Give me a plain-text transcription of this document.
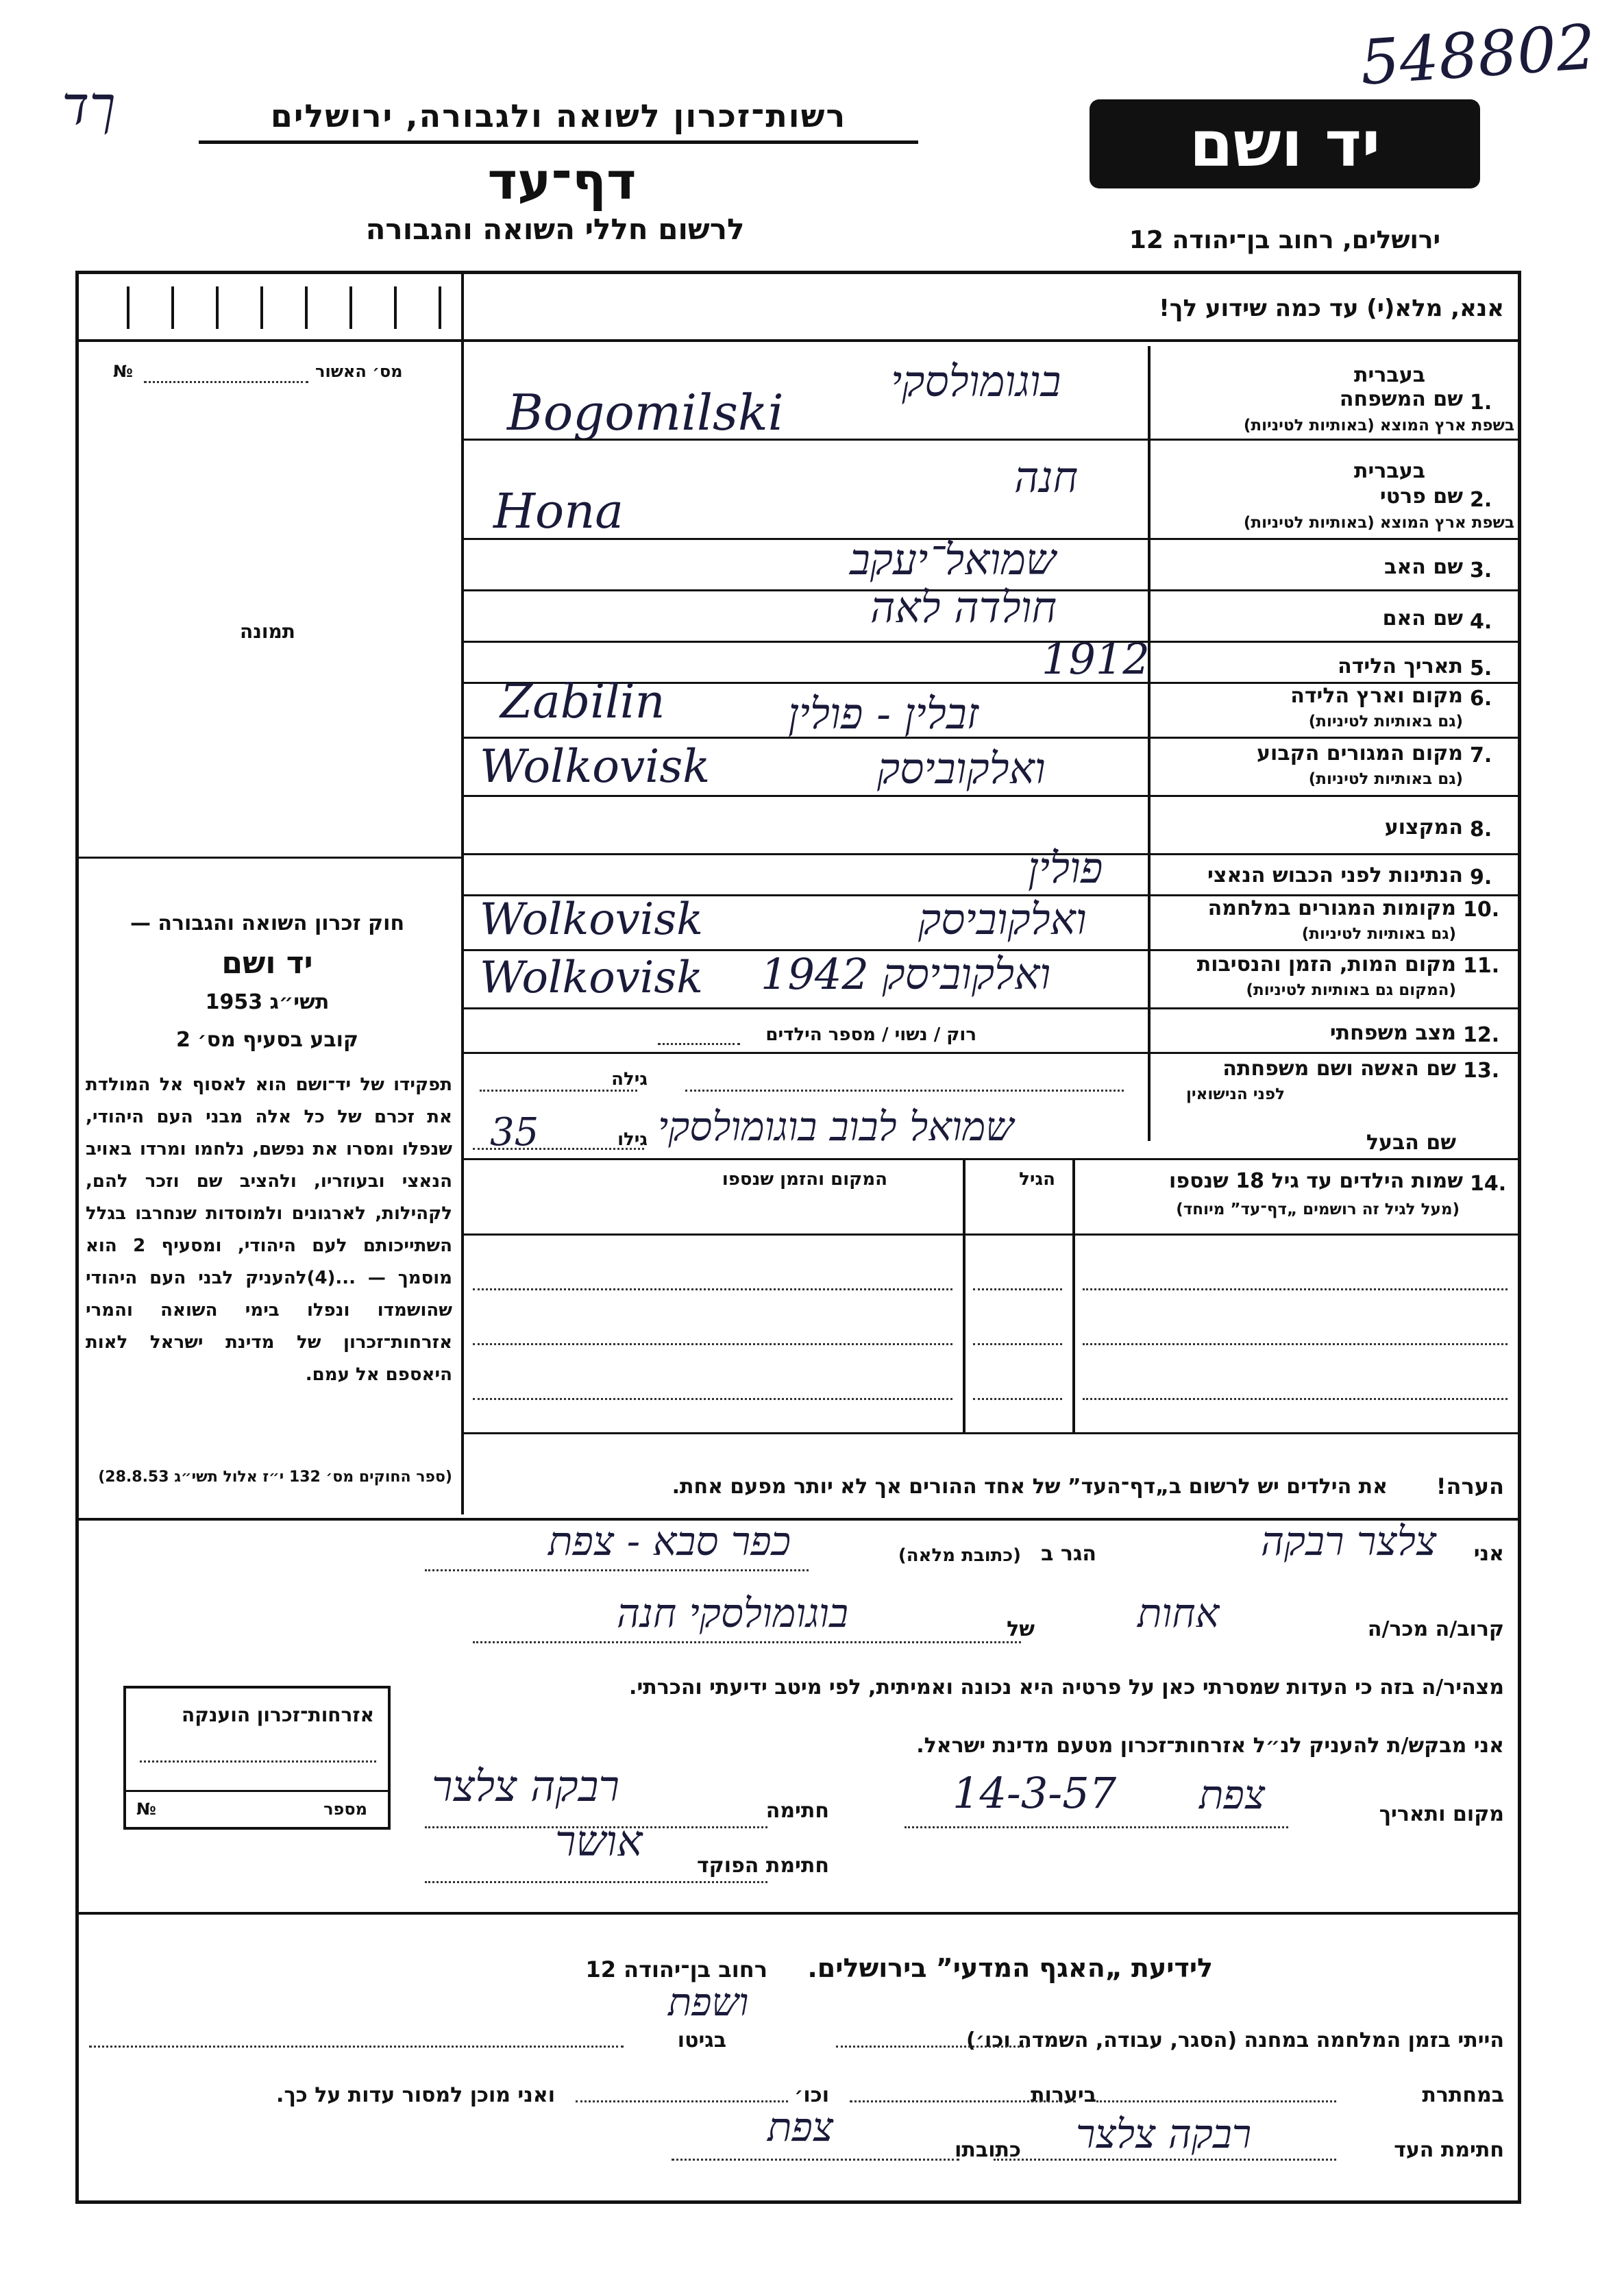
ךד
548802
רשות־זכרון לשואה ולגבורה, ירושלים
דף־עד
לרשום חללי השואה והגבורה
יד ושם
ירושלים, רחוב בן־יהודה 12
אנא, מלא(י) עד כמה שידוע לך!
מס׳ האשור
№
תמונה
בעברית
1.
שם המשפחה
בשפת ארץ המוצא (באותיות לטיניות)
בוגומולסקי
Bogomilski
בעברית
2.
שם פרטי
בשפת ארץ המוצא (באותיות לטיניות)
חנה
Hona
3.
שם האב
שמואל־יעקב
4.
שם האם
חולדה לאה
5.
תאריך הלידה
1912
6.
מקום וארץ הלידה
(גם באותיות לטיניות)
זבלין - פולין
Zabilin
7.
מקום המגורים הקבוע
(גם באותיות לטיניות)
ואלקוביסק
Wolkovisk
8.
המקצוע
9.
הנתינות לפני הכבוש הנאצי
פולין
10.
מקומות המגורים במלחמה
(גם באותיות לטיניות)
ואלקוביסק
Wolkovisk
11.
מקום המות, הזמן והנסיבות
(המקום גם באותיות לטיניות)
ואלקוביסק 1942
Wolkovisk
12.
מצב משפחתי
רוק / נשוי / מספר הילדים
13.
שם האשה ושם משפחתה
לפני הנישואין
גילה
שם הבעל
שמואל לבוב בוגומולסקי
גילו
35
14.
שמות הילדים עד גיל 18 שנספו
(מעל לגיל זה רושמים „דף־עד” מיוחד)
הגיל
המקום והזמן שנספו
הערה!
את הילדים יש לרשום ב„דף־העד” של אחד ההורים אך לא יותר מפעם אחת.
חוק זכרון השואה והגבורה —
יד ושם
תשי״ג 1953
קובע בסעיף מס׳ 2
תפקידו של יד־ושם הוא לאסוף אל המולדת את זכרם של כל אלה מבני העם היהודי, שנפלו ומסרו את נפשם, נלחמו ומרדו באויב הנאצי ובעוזריו, ולהציב שם וזכר להם, לקהילות, לארגונים ולמוסדות שנחרבו בגלל השתייכותם לעם היהודי, ומסעיף 2 הוא מוסמך — ...(4)להעניק לבני העם היהודי שהושמדו ונפלו בימי השואה והמרי אזרחות־זכרון של מדינת ישראל לאות היאספם אל עמם.
(ספר החוקים מס׳ 132 י״ז אלול תשי״ג 28.8.53)
אני
צלצר רבקה
הגר ב
(כתובת מלאה)
כפר סבא - צפת
קרוב/ה מכר/ה
אחות
של
בוגומולסקי חנה
מצהיר/ה בזה כי העדות שמסרתי כאן על פרטיה היא נכונה ואמיתית, לפי מיטב ידיעתי והכרתי.
אני מבקש/ת להעניק לנ״ל אזרחות־זכרון מטעם מדינת ישראל.
מקום ותאריך
צפת
14-3-57
חתימה
רבקה צלצר
חתימת הפוקד
אושר
אזרחות־זכרון הוענקה
מספר
№
לידיעת „האגף המדעי” בירושלים.
רחוב בן־יהודה 12
ושפת
הייתי בזמן המלחמה במחנה (הסגר, עבודה, השמדה וכו׳)
בגיטו
במחתרת
ביערות
וכו׳
ואני מוכן למסור עדות על כך.
חתימת העד
רבקה צלצר
כתובתו
צפת
